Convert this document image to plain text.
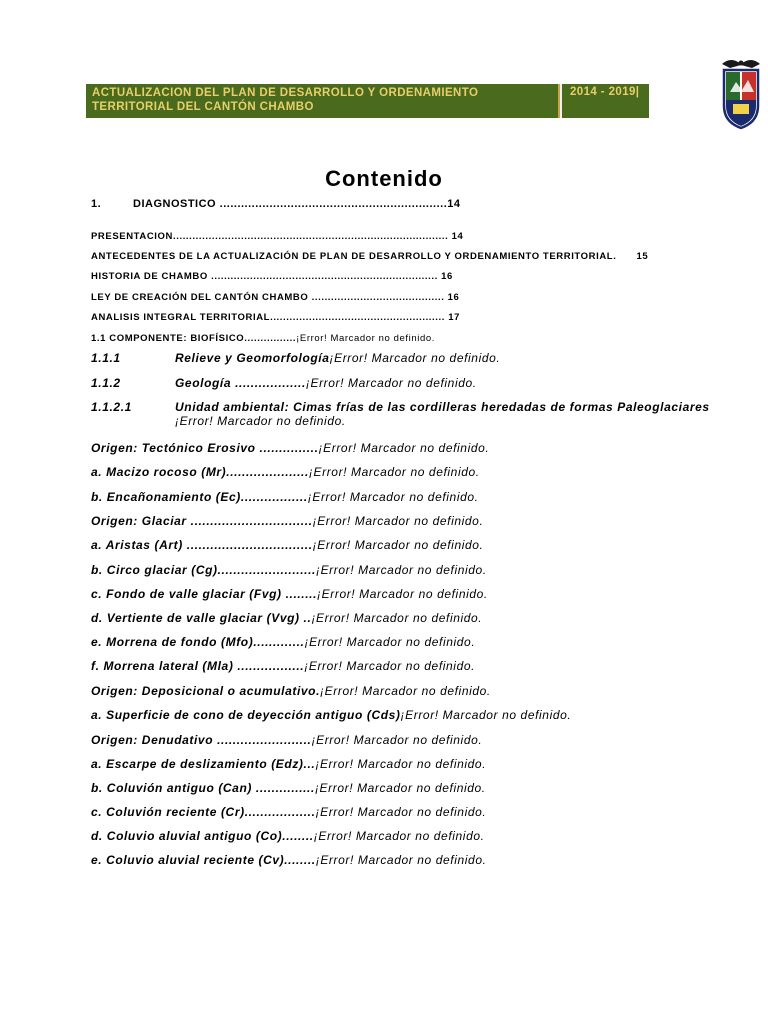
ACTUALIZACION DEL PLAN DE DESARROLLO Y ORDENAMIENTO TERRITORIAL DEL CANTÓN CHAMBO
2014 - 2019|
Contenido
1.	DIAGNOSTICO ................................................................ 14
PRESENTACION..................................................................................... 14
ANTECEDENTES DE LA ACTUALIZACIÓN DE PLAN DE DESARROLLO Y ORDENAMIENTO TERRITORIAL. 15
HISTORIA DE CHAMBO ...................................................................... 16
LEY DE CREACIÓN DEL CANTÓN CHAMBO ......................................... 16
ANALISIS INTEGRAL TERRITORIAL...................................................... 17
1.1 COMPONENTE: BIOFÍSICO................ ¡Error! Marcador no definido.
1.1.1	Relieve y Geomorfología ¡Error! Marcador no definido.
1.1.2	Geología .................. ¡Error! Marcador no definido.
1.1.2.1	Unidad ambiental: Cimas frías de las cordilleras heredadas de formas Paleoglaciares
¡Error! Marcador no definido.
Origen: Tectónico Erosivo ............... ¡Error! Marcador no definido.
a. Macizo rocoso (Mr)..................... ¡Error! Marcador no definido.
b. Encañonamiento (Ec)................. ¡Error! Marcador no definido.
Origen: Glaciar ............................... ¡Error! Marcador no definido.
a. Aristas (Art) ................................ ¡Error! Marcador no definido.
b. Circo glaciar (Cg)......................... ¡Error! Marcador no definido.
c. Fondo de valle glaciar (Fvg) ........ ¡Error! Marcador no definido.
d. Vertiente de valle glaciar (Vvg) .. ¡Error! Marcador no definido.
e. Morrena de fondo (Mfo)............. ¡Error! Marcador no definido.
f. Morrena lateral (Mla) ................. ¡Error! Marcador no definido.
Origen: Deposicional o acumulativo. ¡Error! Marcador no definido.
a. Superficie de cono de deyección antiguo (Cds) ¡Error! Marcador no definido.
Origen: Denudativo ........................ ¡Error! Marcador no definido.
a. Escarpe de deslizamiento (Edz)... ¡Error! Marcador no definido.
b. Coluvión antiguo (Can) ............... ¡Error! Marcador no definido.
c. Coluvión reciente (Cr).................. ¡Error! Marcador no definido.
d. Coluvio aluvial antiguo (Co)........ ¡Error! Marcador no definido.
e. Coluvio aluvial reciente (Cv)........ ¡Error! Marcador no definido.
